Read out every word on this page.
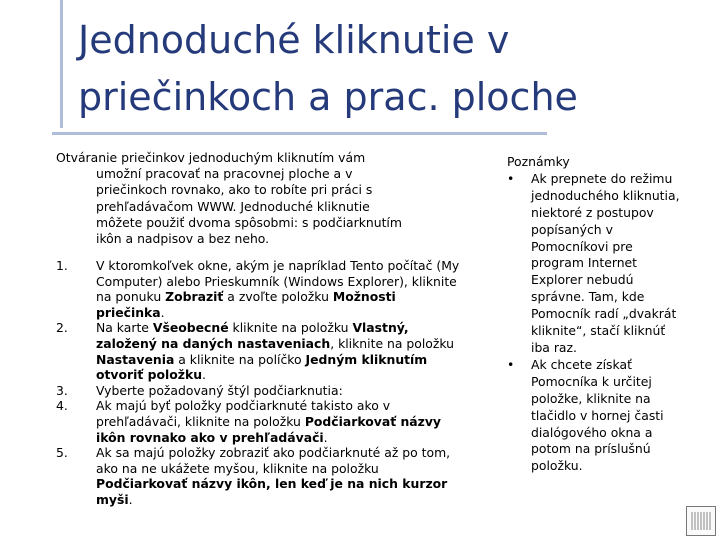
Jednoduché kliknutie v
priečinkoch a prac. ploche
Otváranie priečinkov jednoduchým kliknutím vám
umožní pracovať na pracovnej ploche a v
priečinkoch rovnako, ako to robíte pri práci s
prehľadávačom WWW. Jednoduché kliknutie
môžete použiť dvoma spôsobmi: s podčiarknutím
ikôn a nadpisov a bez neho.
1. V ktoromkoľvek okne, akým je napríklad Tento počítač (My Computer) alebo Prieskumník (Windows Explorer), kliknite na ponuku Zobraziť a zvoľte položku Možnosti priečinka.
2. Na karte Všeobecné kliknite na položku Vlastný, založený na daných nastaveniach, kliknite na položku Nastavenia a kliknite na políčko Jedným kliknutím otvoriť položku.
3. Vyberte požadovaný štýl podčiarknutia:
4. Ak majú byť položky podčiarknuté takisto ako v prehľadávači, kliknite na položku Podčiarkovať názvy ikôn rovnako ako v prehľadávači.
5. Ak sa majú položky zobraziť ako podčiarknuté až po tom, ako na ne ukážete myšou, kliknite na položku Podčiarkovať názvy ikôn, len keď je na nich kurzor myši.
Poznámky
• Ak prepnete do režimu
jednoduchého kliknutia,
niektoré z postupov
popísaných v
Pomocníkovi pre
program Internet
Explorer nebudú
správne. Tam, kde
Pomocník radí „dvakrát
kliknite“, stačí kliknúť
iba raz.
• Ak chcete získať
Pomocníka k určitej
položke, kliknite na
tlačidlo v hornej časti
dialógového okna a
potom na príslušnú
položku.
